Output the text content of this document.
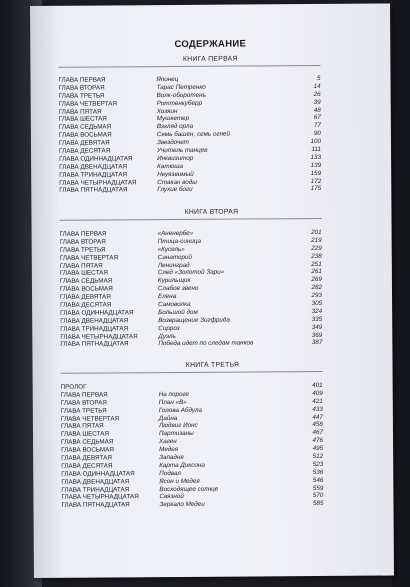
СОДЕРЖАНИЕ
КНИГА ПЕРВАЯ
ГЛАВА ПЕРВАЯ	Японец	5
ГЛАВА ВТОРАЯ	Тарас Петренко	14
ГЛАВА ТРЕТЬЯ	Волк-оборотень	26
ГЛАВА ЧЕТВЕРТАЯ	Роттенкуберр	39
ГЛАВА ПЯТАЯ	Хозяин	48
ГЛАВА ШЕСТАЯ	Мушкетер	67
ГЛАВА СЕДЬМАЯ	Взгляд орла	77
ГЛАВА ВОСЬМАЯ	Семь башен, семь огней	90
ГЛАВА ДЕВЯТАЯ	Звездочет	100
ГЛАВА ДЕСЯТАЯ	Учитель танцев	111
ГЛАВА ОДИННАДЦАТАЯ	Инквизитор	133
ГЛАВА ДВЕНАДЦАТАЯ	Катюша	139
ГЛАВА ТРИНАДЦАТАЯ	Неуязвимый	159
ГЛАВА ЧЕТЫРНАДЦАТАЯ	Стакан воды	172
ГЛАВА ПЯТНАДЦАТАЯ	Глухие боги	175
КНИГА ВТОРАЯ
ГЛАВА ПЕРВАЯ	«Аненербе»	201
ГЛАВА ВТОРАЯ	Птица-синица	219
ГЛАВА ТРЕТЬЯ	«Кусель»	229
ГЛАВА ЧЕТВЕРТАЯ	Санаторий	238
ГЛАВА ПЯТАЯ	Ленинград	251
ГЛАВА ШЕСТАЯ	След «Золотой Зари»	261
ГЛАВА СЕДЬМАЯ	Курильщик	269
ГЛАВА ВОСЬМАЯ	Слабое звено	282
ГЛАВА ДЕВЯТАЯ	Елена	293
ГЛАВА ДЕСЯТАЯ	Самоволка	305
ГЛАВА ОДИННАДЦАТАЯ	Большой дом	324
ГЛАВА ДВЕНАДЦАТАЯ	Возвращение Зигфрида	335
ГЛАВА ТРИНАДЦАТАЯ	Сирроз	349
ГЛАВА ЧЕТЫРНАДЦАТАЯ	Дуэль	369
ГЛАВА ПЯТНАДЦАТАЯ	Победа идет по следам танков	387
КНИГА ТРЕТЬЯ
ПРОЛОГ	401
ГЛАВА ПЕРВАЯ	На пороге	409
ГЛАВА ВТОРАЯ	План «В»	421
ГЛАВА ТРЕТЬЯ	Голова Абдула	433
ГЛАВА ЧЕТВЕРТАЯ	Дайна	447
ГЛАВА ПЯТАЯ	Людвиг Ионс	458
ГЛАВА ШЕСТАЯ	Партизаны	467
ГЛАВА СЕДЬМАЯ	Хаген	476
ГЛАВА ВОСЬМАЯ	Медея	495
ГЛАВА ДЕВЯТАЯ	Западня	512
ГЛАВА ДЕСЯТАЯ	Карта Диксона	523
ГЛАВА ОДИННАДЦАТАЯ	Подвал	536
ГЛАВА ДВЕНАДЦАТАЯ	Ясон и Медея	546
ГЛАВА ТРИНАДЦАТАЯ	Восходящее солнце	559
ГЛАВА ЧЕТЫРНАДЦАТАЯ	Связной	570
ГЛАВА ПЯТНАДЦАТАЯ	Зеркало Медеи	585
